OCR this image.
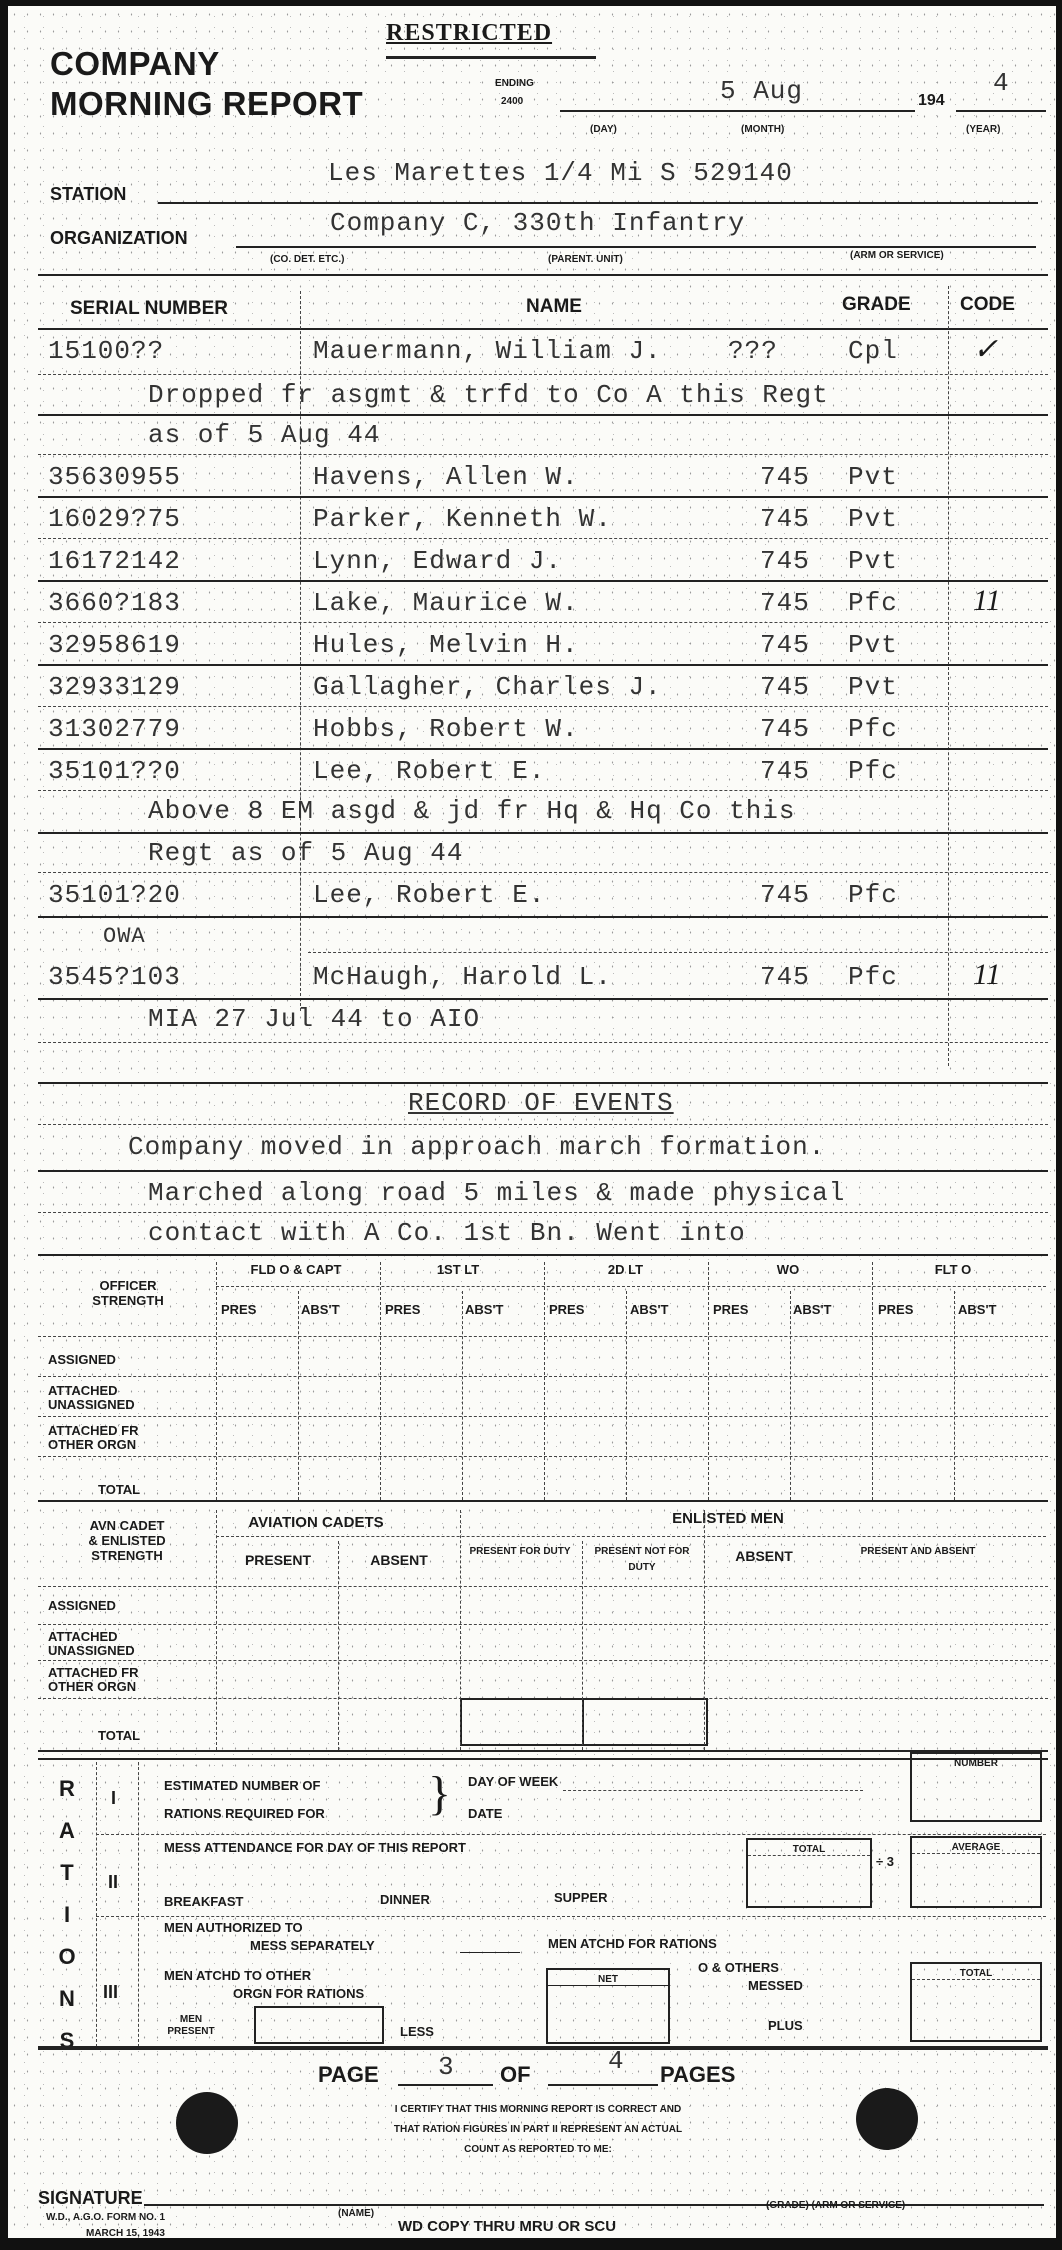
RESTRICTED
COMPANY
MORNING REPORT
ENDING
2400	5 Aug	194
4
(DAY)	(MONTH)	(YEAR)
STATION
Les Marettes 1/4 Mi S 529140
ORGANIZATION	Company C, 330th Infantry
(CO. DET. ETC.)	(PARENT. UNIT)	(ARM OR SERVICE)
SERIAL NUMBER	NAME	GRADE	CODE
15100??	Mauermann, William J.	???	Cpl	✓
Dropped fr asgmt & trfd to Co A this Regt
as of 5 Aug 44
35630955	Havens, Allen W.	745 Pvt
16029?75	Parker, Kenneth W.	745 Pvt
16172142	Lynn, Edward J.	745 Pvt
3660?183	Lake, Maurice W.	745 Pfc	11
32958619	Hules, Melvin H.	745 Pvt
32933129	Gallagher, Charles J.	745 Pvt
31302779	Hobbs, Robert W.	745 Pfc
35101??0	Lee, Robert E.	745 Pfc
Above 8 EM asgd & jd fr Hq & Hq Co this
Regt as of 5 Aug 44
35101?20	Lee, Robert E.	745 Pfc
OWA
3545?103	McHaugh, Harold L.	745 Pfc	11
MIA 27 Jul 44 to AIO
RECORD OF EVENTS
Company moved in approach march formation.
Marched along road 5 miles & made physical
contact with A Co. 1st Bn. Went into
OFFICER
STRENGTH
FLD O & CAPT	1ST LT	2D LT	WO	FLT O
PRES	ABS'T	PRES	ABS'T	PRES	ABS'T	PRES	ABS'T	PRES	ABS'T
ASSIGNED
ATTACHED UNASSIGNED
ATTACHED FR OTHER ORGN
TOTAL
AVN CADET
& ENLISTED
STRENGTH
AVIATION CADETS	ENLISTED MEN
PRESENT	ABSENT
PRESENT FOR DUTY	PRESENT NOT FOR DUTY
ABSENT	PRESENT AND ABSENT
ASSIGNED
ATTACHED UNASSIGNED
ATTACHED FR OTHER ORGN
TOTAL
R
A
T
I
O
N
S
I
ESTIMATED NUMBER OF
RATIONS REQUIRED FOR } DAY OF WEEK
DATE
NUMBER
II
MESS ATTENDANCE FOR DAY OF THIS REPORT
BREAKFAST	DINNER	SUPPER
TOTAL
÷ 3
AVERAGE
III
MEN AUTHORIZED TO
MESS SEPARATELY	MEN ATCHD FOR RATIONS
O & OTHERS
MESSED
MEN ATCHD TO OTHER
ORGN FOR RATIONS
NET
MEN
PRESENT	LESS	PLUS
TOTAL
PAGE 3 OF	4 PAGES
I CERTIFY THAT THIS MORNING REPORT IS CORRECT AND
THAT RATION FIGURES IN PART II REPRESENT AN ACTUAL
COUNT AS REPORTED TO ME:
SIGNATURE
(NAME)
(GRADE) (ARM OR SERVICE)
W.D., A.G.O. FORM NO. 1
MARCH 15, 1943	WD COPY THRU MRU OR SCU
